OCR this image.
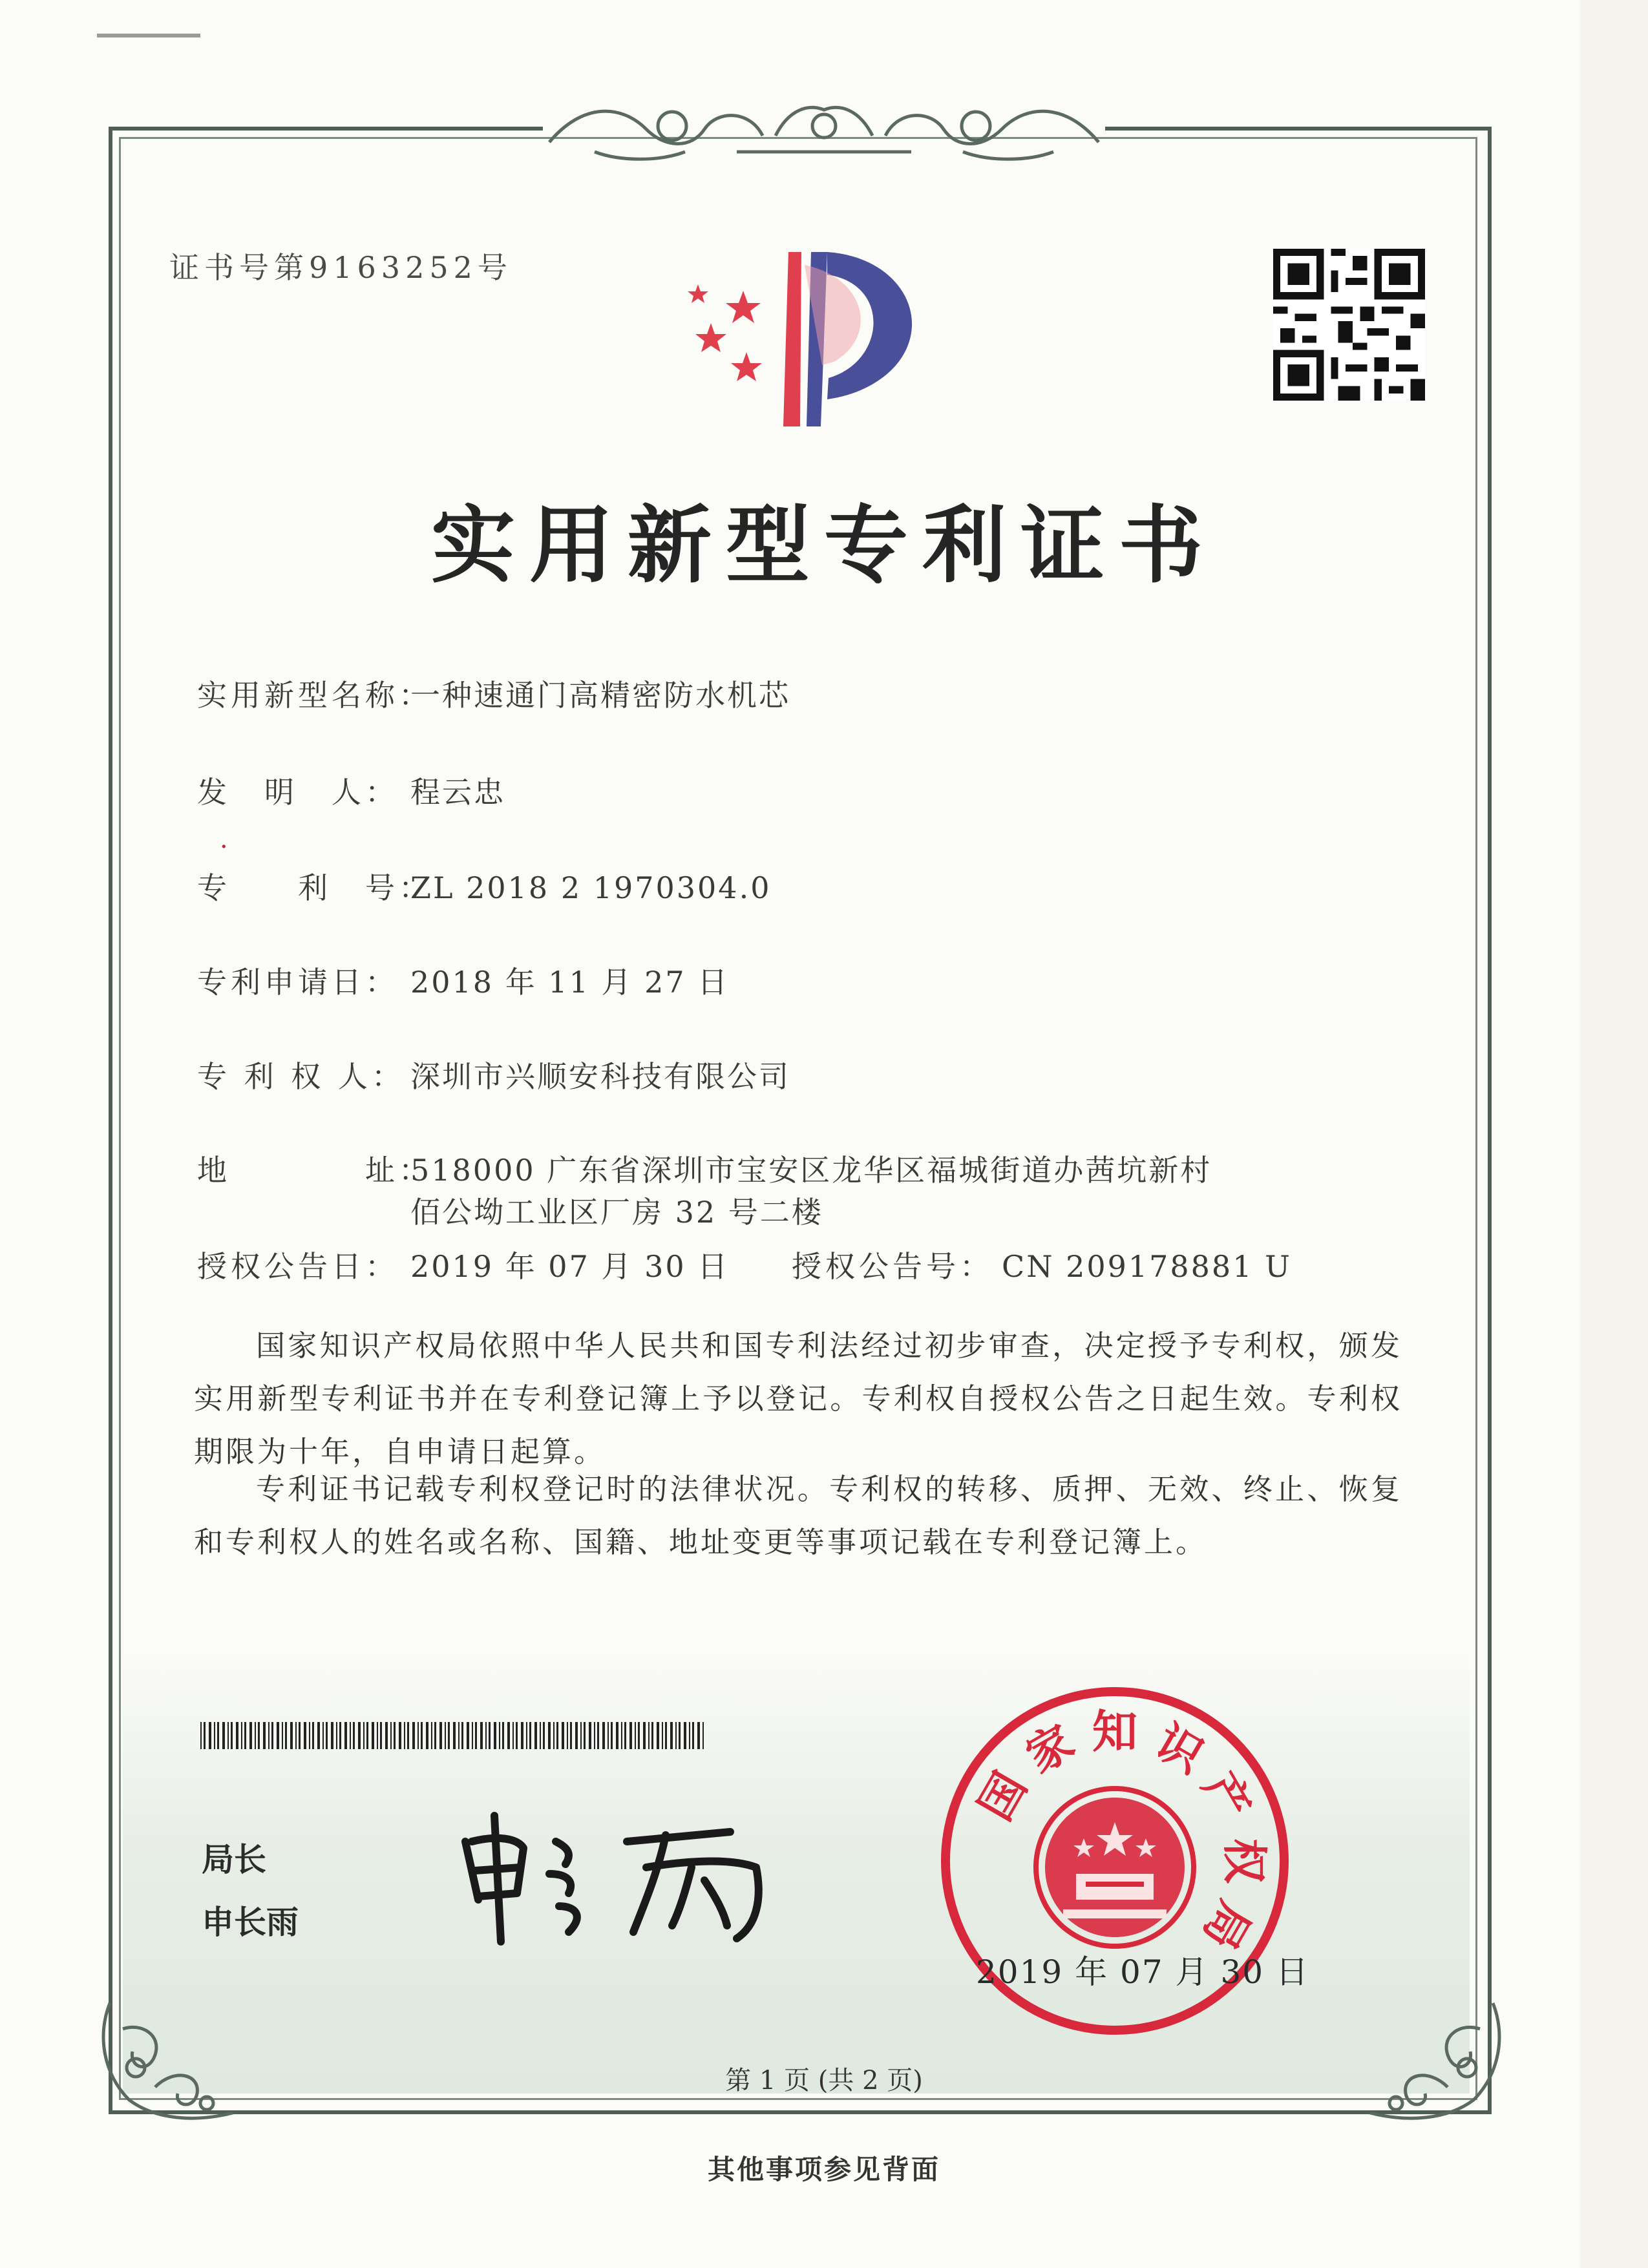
证书号第9163252号
实用新型专利证书
实用新型名称：一种速通门高精密防水机芯
发　明　人： 程云忠
·
专　　利　号：ZL 2018 2 1970304.0
专利申请日： 2018 年 11 月 27 日
专 利 权 人： 深圳市兴顺安科技有限公司
地　　　　址：518000 广东省深圳市宝安区龙华区福城街道办茜坑新村
佰公坳工业区厂房 32 号二楼
授权公告日： 2019 年 07 月 30 日 授权公告号： CN 209178881 U
国家知识产权局依照中华人民共和国专利法经过初步审查，决定授予专利权，颁发实用新型专利证书并在专利登记簿上予以登记。专利权自授权公告之日起生效。专利权期限为十年，自申请日起算。
专利证书记载专利权登记时的法律状况。专利权的转移、质押、无效、终止、恢复和专利权人的姓名或名称、国籍、地址变更等事项记载在专利登记簿上。
局长
申长雨
国
家 知 识
产
权
局
2019 年 07 月 30 日
第 1 页 (共 2 页)
其他事项参见背面
